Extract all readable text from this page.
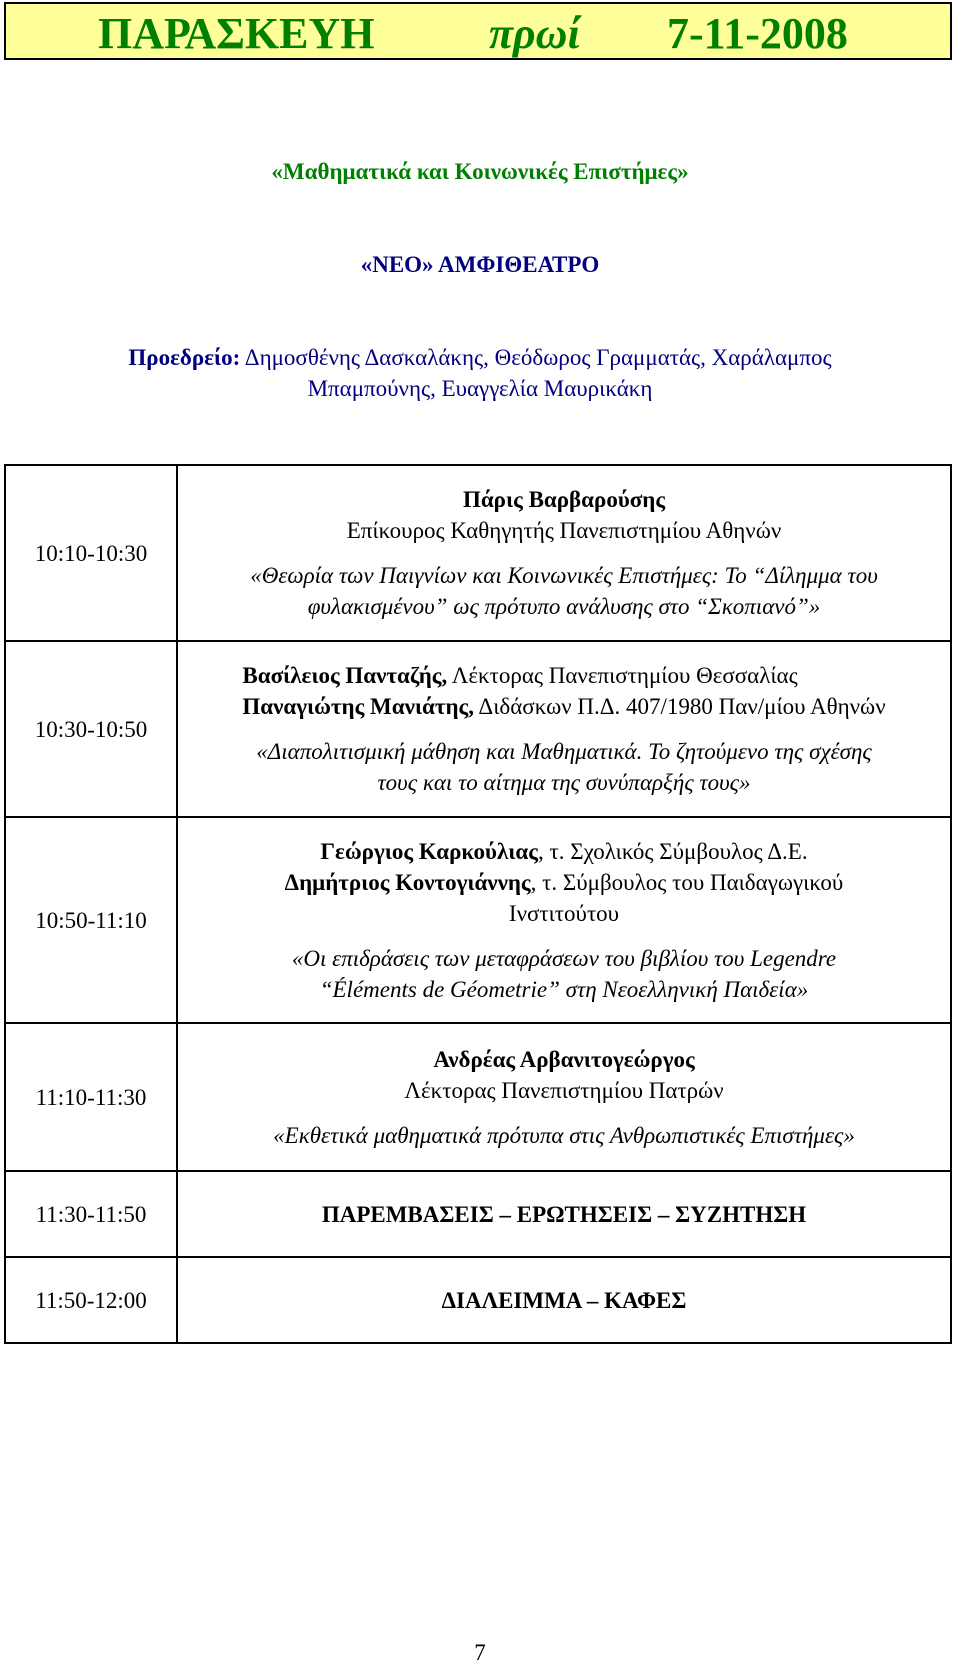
ΠΑΡΑΣΚΕΥΗ	πρωί 7-11-2008
«Μαθηματικά και Κοινωνικές Επιστήμες»
«ΝΕΟ» ΑΜΦΙΘΕΑΤΡΟ
Προεδρείο: Δημοσθένης Δασκαλάκης, Θεόδωρος Γραμματάς, Χαράλαμπος
Μπαμπούνης, Ευαγγελία Μαυρικάκη
10:10-10:30	Πάρις Βαρβαρούσης
Επίκουρος Καθηγητής Πανεπιστημίου Αθηνών
«Θεωρία των Παιγνίων και Κοινωνικές Επιστήμες: Το “Δίλημμα του
φυλακισμένου” ως πρότυπο ανάλυσης στο “Σκοπιανό”»

10:30-10:50	Βασίλειος Πανταζής, Λέκτορας Πανεπιστημίου Θεσσαλίας
Παναγιώτης Μανιάτης, Διδάσκων Π.Δ. 407/1980 Παν/μίου Αθηνών
«Διαπολιτισμική μάθηση και Μαθηματικά. Το ζητούμενο της σχέσης
τους και το αίτημα της συνύπαρξής τους»

10:50-11:10	Γεώργιος Καρκούλιας, τ. Σχολικός Σύμβουλος Δ.Ε.
Δημήτριος Κοντογιάννης, τ. Σύμβουλος του Παιδαγωγικού
Ινστιτούτου
«Οι επιδράσεις των μεταφράσεων του βιβλίου του Legendre
“Éléments de Géometrie” στη Νεοελληνική Παιδεία»

11:10-11:30	Ανδρέας Αρβανιτογεώργος
Λέκτορας Πανεπιστημίου Πατρών
«Εκθετικά μαθηματικά πρότυπα στις Ανθρωπιστικές Επιστήμες»

11:30-11:50	ΠΑΡΕΜΒΑΣΕΙΣ – ΕΡΩΤΗΣΕΙΣ – ΣΥΖΗΤΗΣΗ
11:50-12:00	ΔΙΑΛΕΙΜΜΑ – ΚΑΦΕΣ
7
